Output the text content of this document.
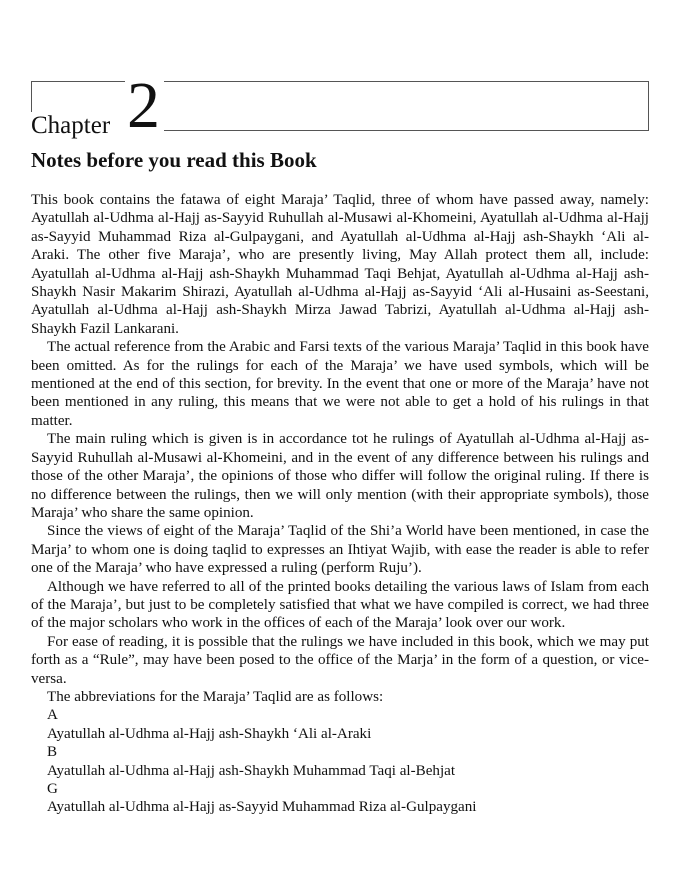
Chapter 2
Notes before you read this Book

This book contains the fatawa of eight Maraja’ Taqlid, three of whom have passed away, namely: Ayatullah al-Udhma al-Hajj as-Sayyid Ruhullah al-Musawi al-Khomeini, Ayatullah al-Udhma al-Hajj as-Sayyid Muhammad Riza al-Gulpaygani, and Ayatullah al-Udhma al-Hajj ash-Shaykh ‘Ali al-Araki. The other five Maraja’, who are presently living, May Allah protect them all, include: Ayatullah al-Udhma al-Hajj ash-Shaykh Muhammad Taqi Behjat, Ayatullah al-Udhma al-Hajj ash-Shaykh Nasir Makarim Shirazi, Ayatullah al-Udhma al-Hajj as-Sayyid ‘Ali al-Husaini as-Seestani, Ayatullah al-Udhma al-Hajj ash-Shaykh Mirza Jawad Tabrizi, Ayatullah al-Udhma al-Hajj ash-Shaykh Fazil Lankarani.

The actual reference from the Arabic and Farsi texts of the various Maraja’ Taqlid in this book have been omitted. As for the rulings for each of the Maraja’ we have used symbols, which will be mentioned at the end of this section, for brevity. In the event that one or more of the Maraja’ have not been mentioned in any ruling, this means that we were not able to get a hold of his rulings in that matter.

The main ruling which is given is in accordance tot he rulings of Ayatullah al-Udhma al-Hajj as-Sayyid Ruhullah al-Musawi al-Khomeini, and in the event of any difference between his rulings and those of the other Maraja’, the opinions of those who differ will follow the original ruling. If there is no difference between the rulings, then we will only mention (with their appropriate symbols), those Maraja’ who share the same opinion.

Since the views of eight of the Maraja’ Taqlid of the Shi’a World have been mentioned, in case the Marja’ to whom one is doing taqlid to expresses an Ihtiyat Wajib, with ease the reader is able to refer one of the Maraja’ who have expressed a ruling (perform Ruju’).

Although we have referred to all of the printed books detailing the various laws of Islam from each of the Maraja’, but just to be completely satisfied that what we have compiled is correct, we had three of the major scholars who work in the offices of each of the Maraja’ look over our work.

For ease of reading, it is possible that the rulings we have included in this book, which we may put forth as a “Rule”, may have been posed to the office of the Marja’ in the form of a question, or vice-versa.

The abbreviations for the Maraja’ Taqlid are as follows:
A
Ayatullah al-Udhma al-Hajj ash-Shaykh ‘Ali al-Araki
B
Ayatullah al-Udhma al-Hajj ash-Shaykh Muhammad Taqi al-Behjat
G
Ayatullah al-Udhma al-Hajj as-Sayyid Muhammad Riza al-Gulpaygani
